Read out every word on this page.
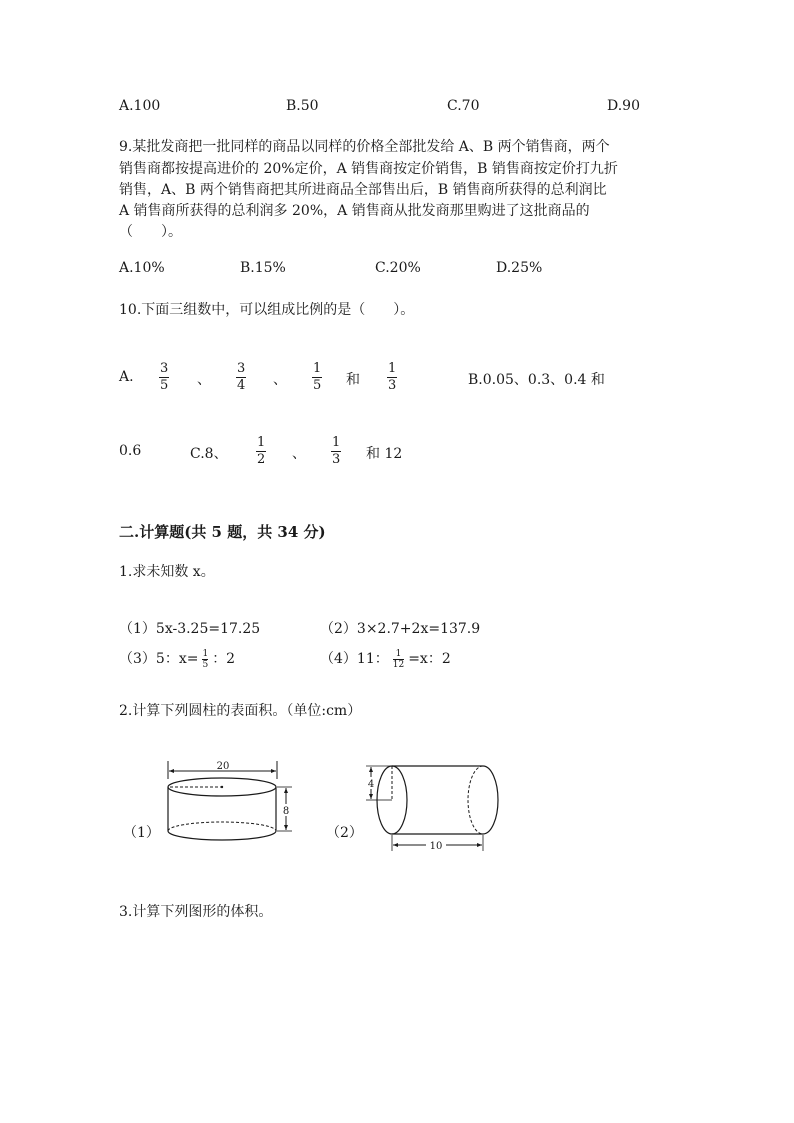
A.100	B.50	C.70	D.90
9.某批发商把一批同样的商品以同样的价格全部批发给 A、B 两个销售商，两个
销售商都按提高进价的 20%定价，A 销售商按定价销售，B 销售商按定价打九折
销售，A、B 两个销售商把其所进商品全部售出后，B 销售商所获得的总利润比
A 销售商所获得的总利润多 20%，A 销售商从批发商那里购进了这批商品的
（　　）。
A.10%	B.15%	C.20%	D.25%
10.下面三组数中，可以组成比例的是（　　）。
A. $\frac{3}{5}$ 、 $\frac{3}{4}$ 、 $\frac{1}{5}$ 和 $\frac{1}{3}$	B.0.05、0.3、0.4 和
0.6	C.8、 $\frac{1}{2}$ 、 $\frac{1}{3}$ 和 12
二.计算题(共 5 题，共 34 分)
1.求未知数 x。
（1）5x-3.25=17.25	（2）3×2.7+2x=137.9
（3）5：$x= \frac{1}{5}$ ：2	（4）11： $\frac{1}{12} =x$：2
2.计算下列圆柱的表面积。（单位:cm）
（1）
20
8
（2）
4
10
3.计算下列图形的体积。
